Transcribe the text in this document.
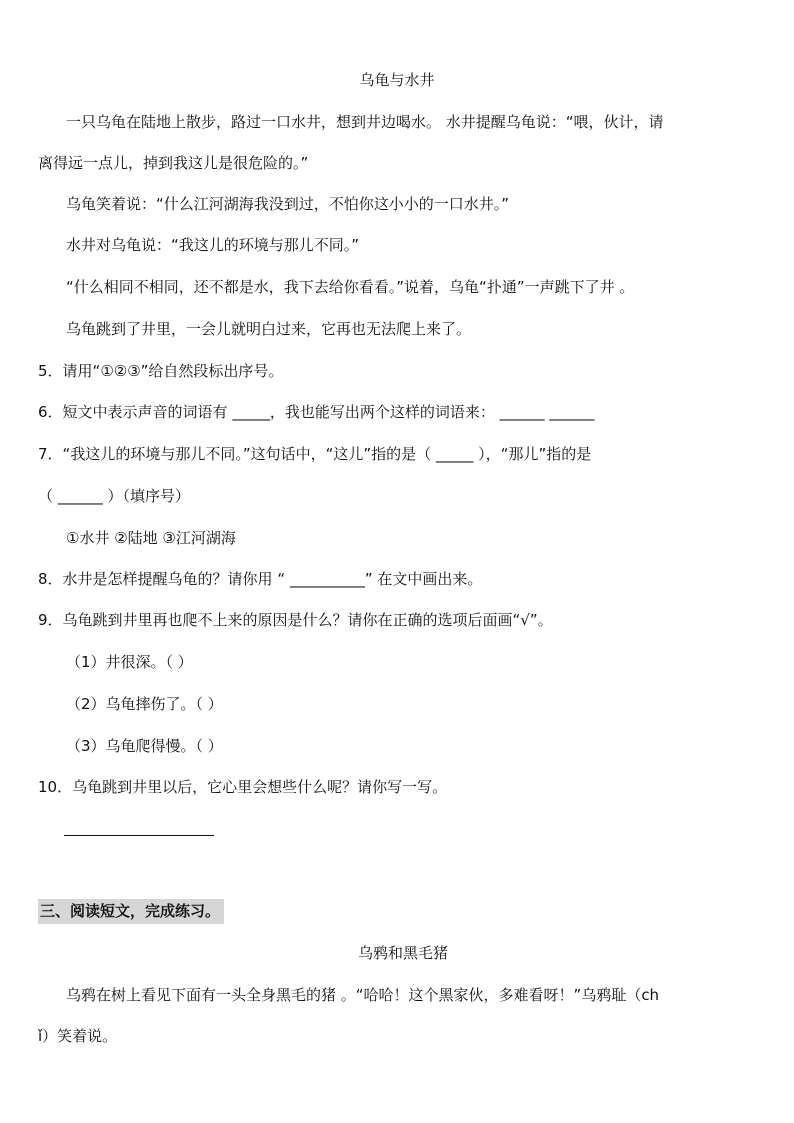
乌龟与水井
一只乌龟在陆地上散步，路过一口水井，想到井边喝水。 水井提醒乌龟说：“喂，伙计，请
离得远一点儿，掉到我这儿是很危险的。”
乌龟笑着说：“什么江河湖海我没到过，不怕你这小小的一口水井。”
水井对乌龟说：“我这儿的环境与那儿不同。”
“什么相同不相同，还不都是水，我下去给你看看。”说着，乌龟“扑通”一声跳下了井 。
乌龟跳到了井里，一会儿就明白过来，它再也无法爬上来了。
5．请用“①②③”给自然段标出序号。
6．短文中表示声音的词语有 _____，我也能写出两个这样的词语来： ______ ______
7．“我这儿的环境与那儿不同。”这句话中，“这儿”指的是（ _____ ），“那儿”指的是
（ ______ ）（填序号）
①水井 ②陆地 ③江河湖海
8．水井是怎样提醒乌龟的？请你用 “ __________” 在文中画出来。
9．乌龟跳到井里再也爬不上来的原因是什么？请你在正确的选项后面画“√”。
（1）井很深。（ ）
（2）乌龟摔伤了。（ ）
（3）乌龟爬得慢。（ ）
10．乌龟跳到井里以后，它心里会想些什么呢？请你写一写。
三、阅读短文，完成练习。
乌鸦和黑毛猪
乌鸦在树上看见下面有一头全身黑毛的猪 。“哈哈！这个黑家伙，多难看呀！”乌鸦耻（ch
ǐ）笑着说。
